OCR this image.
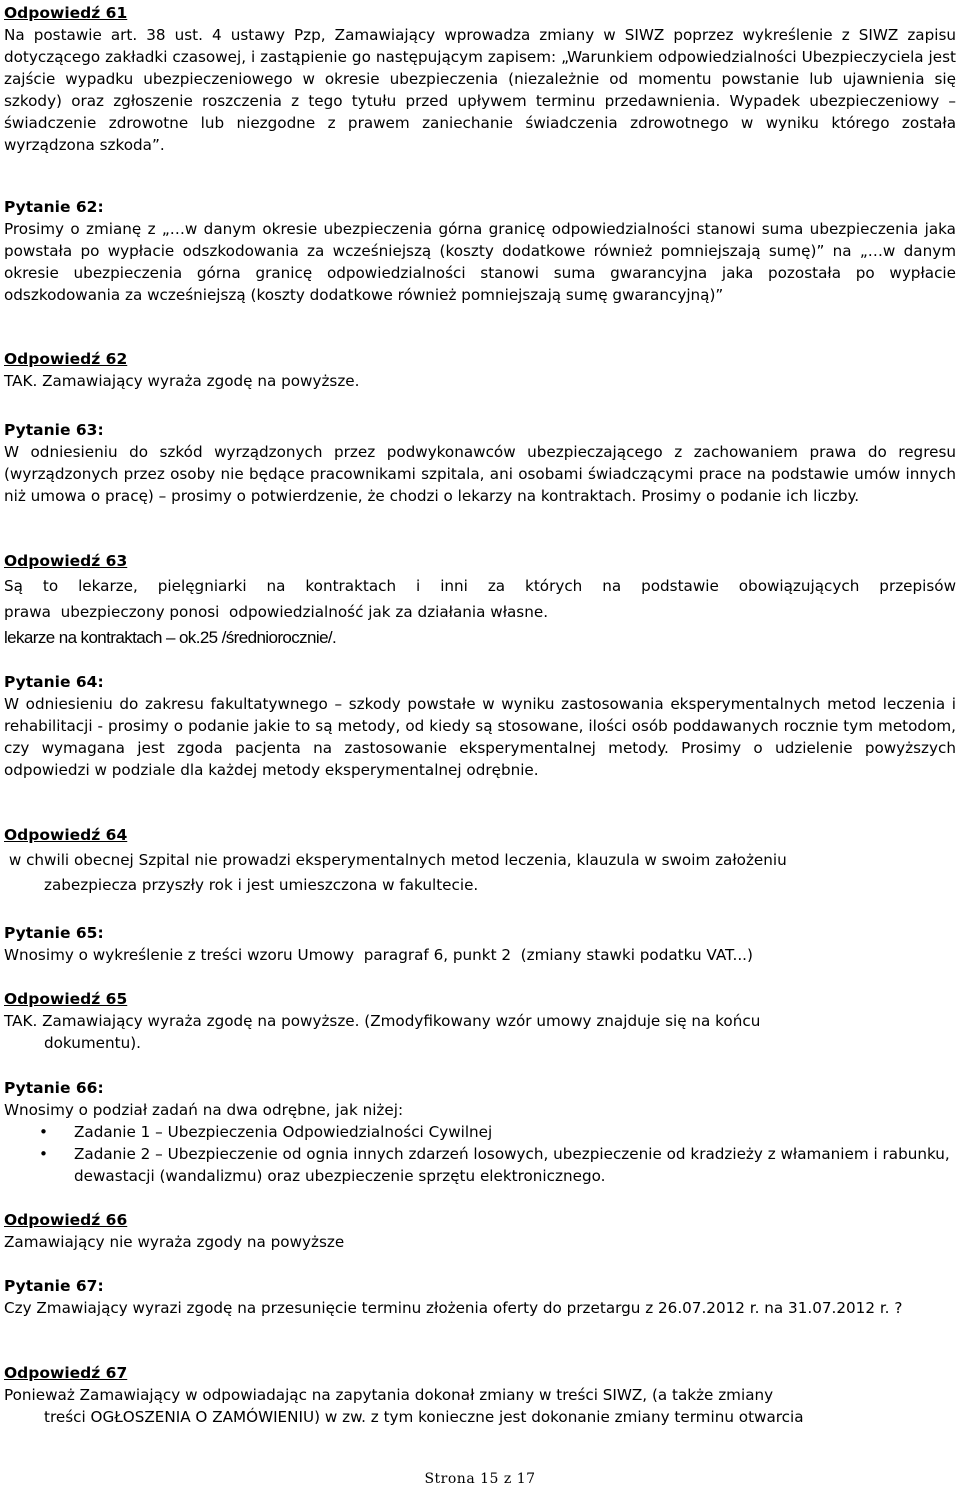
Odpowiedź 61

Na postawie art. 38 ust. 4 ustawy Pzp, Zamawiający wprowadza zmiany w SIWZ poprzez wykreślenie z SIWZ zapisu dotyczącego zakładki czasowej, i zastąpienie go następującym zapisem: „Warunkiem odpowiedzialności Ubezpieczyciela jest zajście wypadku ubezpieczeniowego w okresie ubezpieczenia (niezależnie od momentu powstanie lub ujawnienia się szkody) oraz zgłoszenie roszczenia z tego tytułu przed upływem terminu przedawnienia. Wypadek ubezpieczeniowy – świadczenie zdrowotne lub niezgodne z prawem zaniechanie świadczenia zdrowotnego w wyniku którego została wyrządzona szkoda”.

Pytanie 62:

Prosimy o zmianę z „…w danym okresie ubezpieczenia górna granicę odpowiedzialności stanowi suma ubezpieczenia jaka powstała po wypłacie odszkodowania za wcześniejszą (koszty dodatkowe również pomniejszają sumę)” na „…w danym okresie ubezpieczenia górna granicę odpowiedzialności stanowi suma gwarancyjna jaka pozostała po wypłacie odszkodowania za wcześniejszą (koszty dodatkowe również pomniejszają sumę gwarancyjną)”

Odpowiedź 62

TAK. Zamawiający wyraża zgodę na powyższe.

Pytanie 63:

W odniesieniu do szkód wyrządzonych przez podwykonawców ubezpieczającego z zachowaniem prawa do regresu (wyrządzonych przez osoby nie będące pracownikami szpitala, ani osobami świadczącymi prace na podstawie umów innych niż umowa o pracę) – prosimy o potwierdzenie, że chodzi o lekarzy na kontraktach. Prosimy o podanie ich liczby.

Odpowiedź 63

Są to lekarze, pielęgniarki na kontraktach i inni za których na podstawie obowiązujących przepisów

prawa  ubezpieczony ponosi  odpowiedzialność jak za działania własne.

lekarze na kontraktach – ok.25 /średniorocznie/.

Pytanie 64:

W odniesieniu do zakresu fakultatywnego – szkody powstałe w wyniku zastosowania eksperymentalnych metod leczenia i rehabilitacji - prosimy o podanie jakie to są metody, od kiedy są stosowane, ilości osób poddawanych rocznie tym metodom, czy wymagana jest zgoda pacjenta na zastosowanie eksperymentalnej metody. Prosimy o udzielenie powyższych odpowiedzi w podziale dla każdej metody eksperymentalnej odrębnie.

Odpowiedź 64

w chwili obecnej Szpital nie prowadzi eksperymentalnych metod leczenia, klauzula w swoim założeniu

zabezpiecza przyszły rok i jest umieszczona w fakultecie.

Pytanie 65:

Wnosimy o wykreślenie z treści wzoru Umowy  paragraf 6, punkt 2  (zmiany stawki podatku VAT...)

Odpowiedź 65

TAK. Zamawiający wyraża zgodę na powyższe. (Zmodyfikowany wzór umowy znajduje się na końcu

dokumentu).

Pytanie 66:

Wnosimy o podział zadań na dwa odrębne, jak niżej:

• Zadanie 1 – Ubezpieczenia Odpowiedzialności Cywilnej
• Zadanie 2 – Ubezpieczenie od ognia innych zdarzeń losowych, ubezpieczenie od kradzieży z włamaniem i rabunku, dewastacji (wandalizmu) oraz ubezpieczenie sprzętu elektronicznego.

Odpowiedź 66

Zamawiający nie wyraża zgody na powyższe

Pytanie 67:

Czy Zmawiający wyrazi zgodę na przesunięcie terminu złożenia oferty do przetargu z 26.07.2012 r. na 31.07.2012 r. ?

Odpowiedź 67

Ponieważ Zamawiający w odpowiadając na zapytania dokonał zmiany w treści SIWZ, (a także zmiany

treści OGŁOSZENIA O ZAMÓWIENIU) w zw. z tym konieczne jest dokonanie zmiany terminu otwarcia

Strona 15 z 17
